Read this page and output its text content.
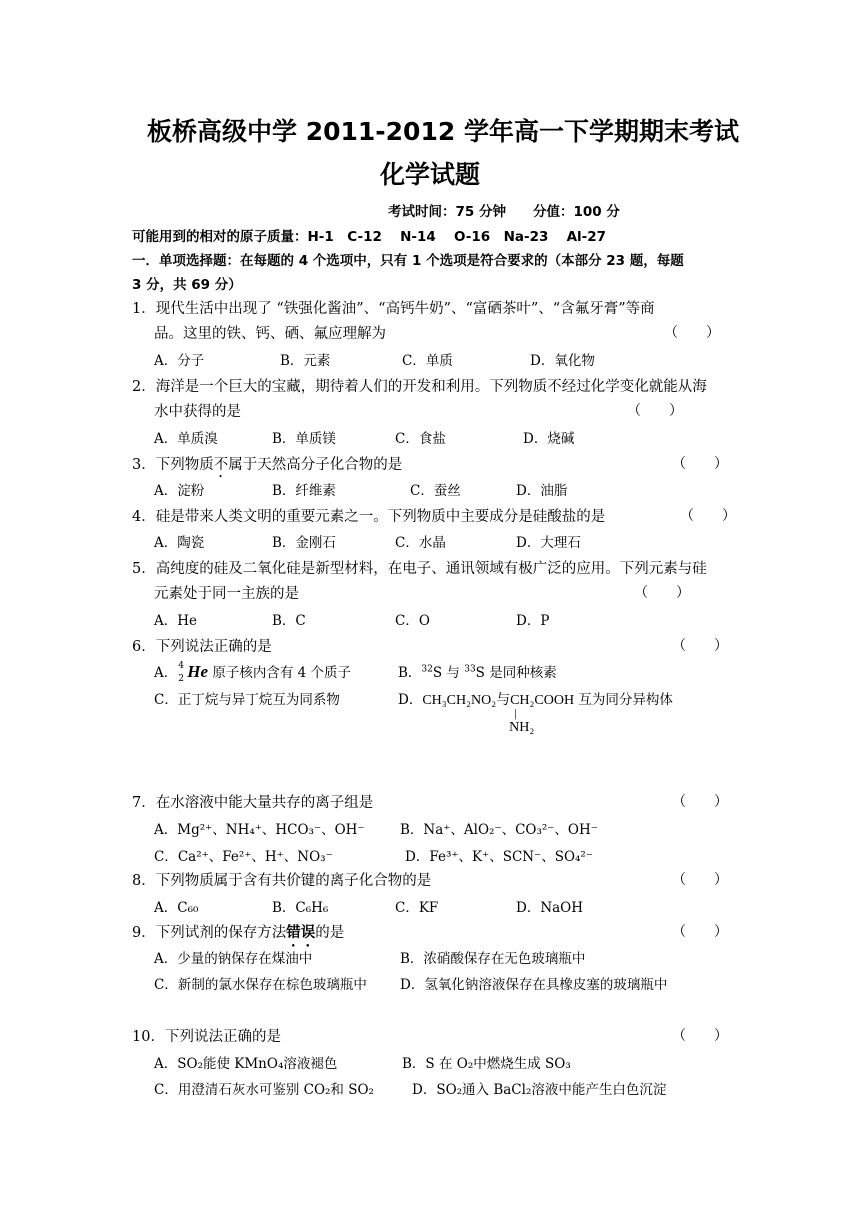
板桥高级中学 2011-2012 学年高一下学期期末考试
化学试题
考试时间：75 分钟　　分值：100 分
可能用到的相对的原子质量：H-1　C-12　 N-14　 O-16　Na-23　 Al-27
一．单项选择题：在每题的 4 个选项中，只有 1 个选项是符合要求的（本部分 23 题，每题
3 分，共 69 分）
1．现代生活中出现了 “铁强化酱油”、“高钙牛奶”、“富硒茶叶”、“含氟牙膏”等商
品。这里的铁、钙、硒、氟应理解为	（　　）
A．分子	B．元素	C．单质	D．氧化物
2．海洋是一个巨大的宝藏，期待着人们的开发和利用。下列物质不经过化学变化就能从海
水中获得的是	（　　）
A．单质溴	B．单质镁	C．食盐	D．烧碱
3．下列物质不属于天然高分子化合物的是	（　　）
A．淀粉	B．纤维素	C．蚕丝	D．油脂
4．硅是带来人类文明的重要元素之一。下列物质中主要成分是硅酸盐的是	（　　）
A．陶瓷	B．金刚石	C．水晶	D．大理石
5．高纯度的硅及二氧化硅是新型材料，在电子、通讯领域有极广泛的应用。下列元素与硅
元素处于同一主族的是	（　　）
A．He	B．C	C．O	D．P
6．下列说法正确的是	（　　）
A． 4
2 He 原子核内含有 4 个质子	B．$^{32}$S 与 $^{33}$S 是同种核素
C．正丁烷与异丁烷互为同系物	D．CH₃CH₂NO₂与CH₂COOH
|
NH₂
互为同分异构体
7．在水溶液中能大量共存的离子组是	（　　）
A．Mg²⁺、NH₄⁺、HCO₃⁻、OH⁻	B．Na⁺、AlO₂⁻、CO₃²⁻、OH⁻
C．Ca²⁺、Fe²⁺、H⁺、NO₃⁻	D．Fe³⁺、K⁺、SCN⁻、SO₄²⁻
8．下列物质属于含有共价键的离子化合物的是	（　　）
A．C₆₀	B．C₆H₆	C．KF	D．NaOH
9．下列试剂的保存方法错误的是	（　　）
A．少量的钠保存在煤油中	B．浓硝酸保存在无色玻璃瓶中
C．新制的氯水保存在棕色玻璃瓶中 D．氢氧化钠溶液保存在具橡皮塞的玻璃瓶中
10．下列说法正确的是	（　　）
A．SO₂能使 KMnO₄溶液褪色	B．S 在 O₂中燃烧生成 SO₃
C．用澄清石灰水可鉴别 CO₂和 SO₂	D．SO₂通入 BaCl₂溶液中能产生白色沉淀
